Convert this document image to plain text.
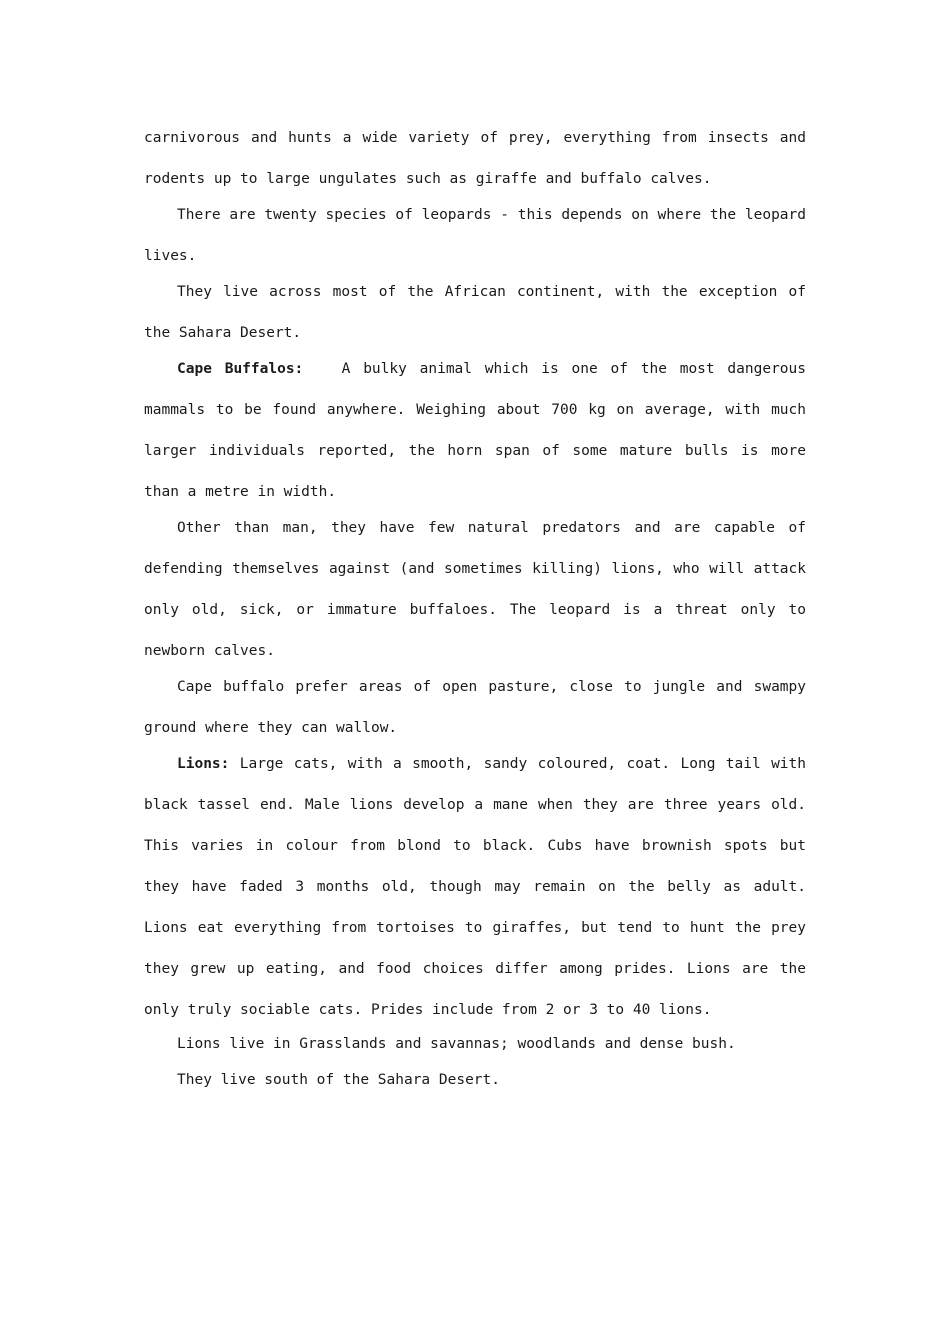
carnivorous and hunts a wide variety of prey, everything from insects and rodents up to large ungulates such as giraffe and buffalo calves.

There are twenty species of leopards - this depends on where the leopard lives.

They live across most of the African continent, with the exception of the Sahara Desert.

Cape Buffalos:	A bulky animal which is one of the most dangerous mammals to be found anywhere. Weighing about 700 kg on average, with much larger individuals reported, the horn span of some mature bulls is more than a metre in width.

Other than man, they have few natural predators and are capable of defending themselves against (and sometimes killing) lions, who will attack only old, sick, or immature buffaloes. The leopard is a threat only to newborn calves.

Cape buffalo prefer areas of open pasture, close to jungle and swampy ground where they can wallow.

Lions: Large cats, with a smooth, sandy coloured, coat. Long tail with black tassel end. Male lions develop a mane when they are three years old. This varies in colour from blond to black. Cubs have brownish spots but they have faded 3 months old, though may remain on the belly as adult. Lions eat everything from tortoises to giraffes, but tend to hunt the prey they grew up eating, and food choices differ among prides. Lions are the only truly sociable cats. Prides include from 2 or 3 to 40 lions.

Lions live in Grasslands and savannas; woodlands and dense bush.

They live south of the Sahara Desert.
